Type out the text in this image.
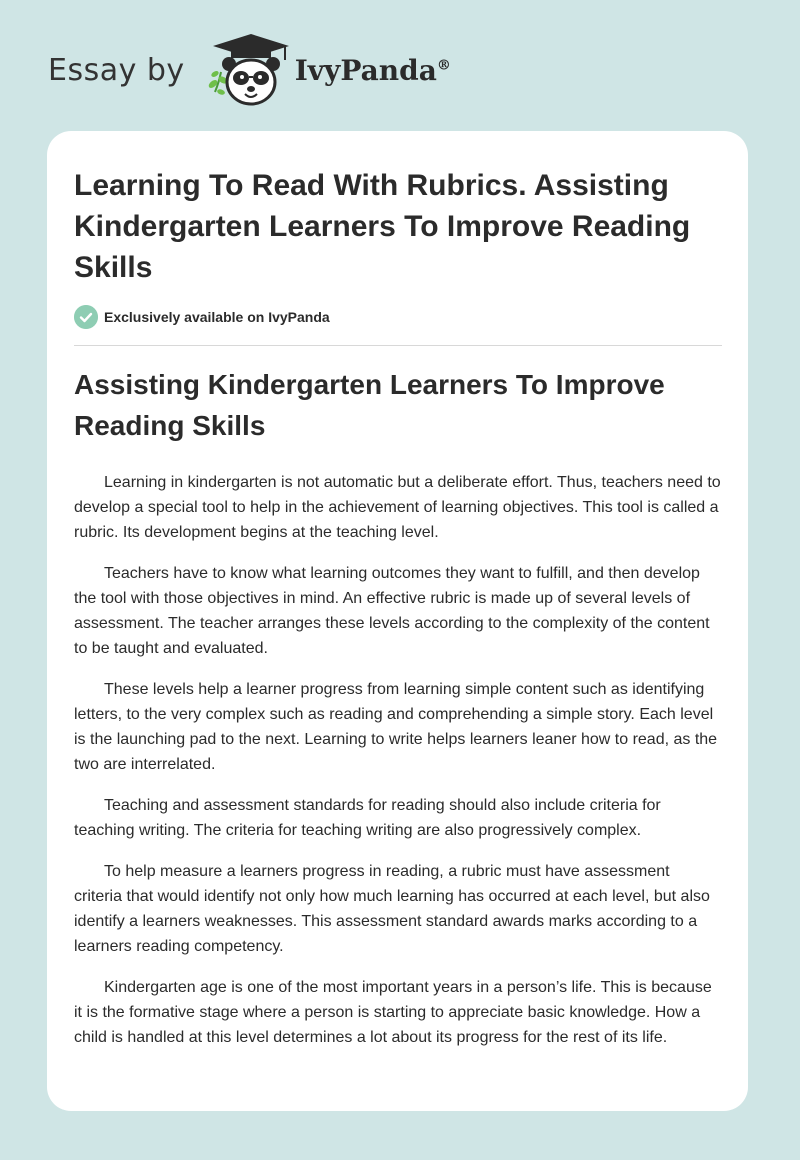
Essay by	IvyPanda®
Learning To Read With Rubrics. Assisting Kindergarten Learners To Improve Reading Skills
Exclusively available on IvyPanda
Assisting Kindergarten Learners To Improve Reading Skills

Learning in kindergarten is not automatic but a deliberate effort. Thus, teachers need to develop a special tool to help in the achievement of learning objectives. This tool is called a rubric. Its development begins at the teaching level.

Teachers have to know what learning outcomes they want to fulfill, and then develop the tool with those objectives in mind. An effective rubric is made up of several levels of assessment. The teacher arranges these levels according to the complexity of the content to be taught and evaluated.

These levels help a learner progress from learning simple content such as identifying letters, to the very complex such as reading and comprehending a simple story. Each level is the launching pad to the next. Learning to write helps learners leaner how to read, as the two are interrelated.

Teaching and assessment standards for reading should also include criteria for teaching writing. The criteria for teaching writing are also progressively complex.

To help measure a learners progress in reading, a rubric must have assessment criteria that would identify not only how much learning has occurred at each level, but also identify a learners weaknesses. This assessment standard awards marks according to a learners reading competency.

Kindergarten age is one of the most important years in a person’s life. This is because it is the formative stage where a person is starting to appreciate basic knowledge. How a child is handled at this level determines a lot about its progress for the rest of its life.
